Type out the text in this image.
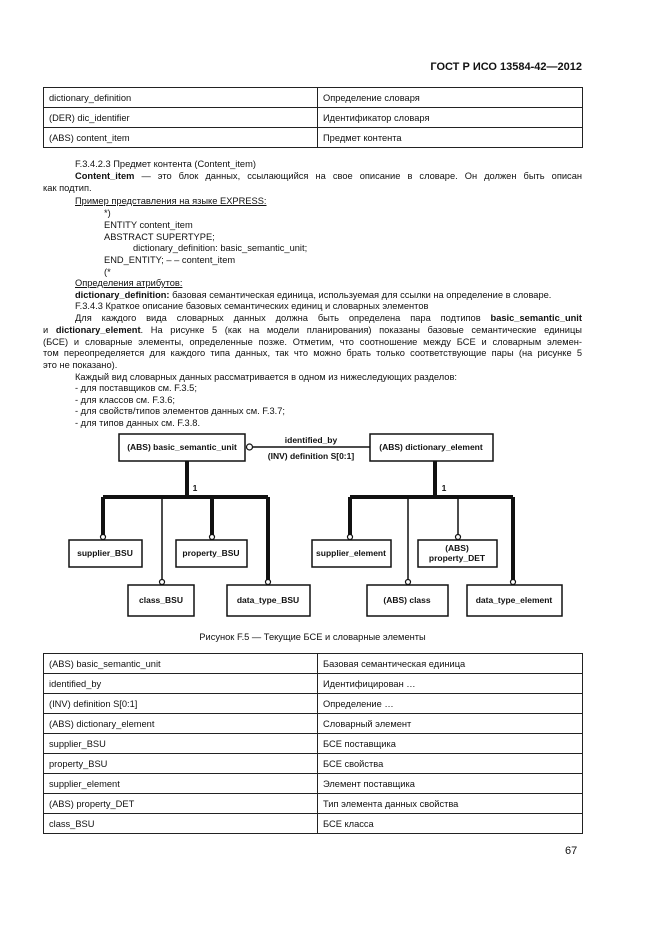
ГОСТ Р ИСО 13584-42—2012
dictionary_definition	Определение словаря
(DER) dic_identifier	Идентификатор словаря
(ABS) content_item	Предмет контента
F.3.4.2.3 Предмет контента (Content_item)
Content_item — это блок данных, ссылающийся на свое описание в словаре. Он должен быть описан
как подтип.
Пример представления на языке EXPRESS:
*)
ENTITY content_item
ABSTRACT SUPERTYPE;
dictionary_definition: basic_semantic_unit;
END_ENTITY; – – content_item
(*
Определения атрибутов:
dictionary_definition: базовая семантическая единица, используемая для ссылки на определение в словаре.
F.3.4.3 Краткое описание базовых семантических единиц и словарных элементов
Для каждого вида словарных данных должна быть определена пара подтипов basic_semantic_unit
и dictionary_element. На рисунке 5 (как на модели планирования) показаны базовые семантические единицы
(БСЕ) и словарные элементы, определенные позже. Отметим, что соотношение между БСЕ и словарным элемен-
том переопределяется для каждого типа данных, так что можно брать только соответствующие пары (на рисунке 5
это не показано).
Каждый вид словарных данных рассматривается в одном из нижеследующих разделов:
- для поставщиков см. F.3.5;
- для классов см. F.3.6;
- для свойств/типов элементов данных см. F.3.7;
- для типов данных см. F.3.8.
(ABS) basic_semantic_unit	(ABS) dictionary_element
identified_by
(INV) definition S[0:1]
1	1
supplier_BSU	property_BSU
class_BSU	data_type_BSU
supplier_element	(ABS)
property_DET
(ABS) class	data_type_element
Рисунок F.5 — Текущие БСЕ и словарные элементы
(ABS) basic_semantic_unit	Базовая семантическая единица
identified_by	Идентифицирован …
(INV) definition S[0:1]	Определение …
(ABS) dictionary_element	Словарный элемент
supplier_BSU	БСЕ поставщика
property_BSU	БСЕ свойства
supplier_element	Элемент поставщика
(ABS) property_DET	Тип элемента данных свойства
class_BSU	БСЕ класса
67
